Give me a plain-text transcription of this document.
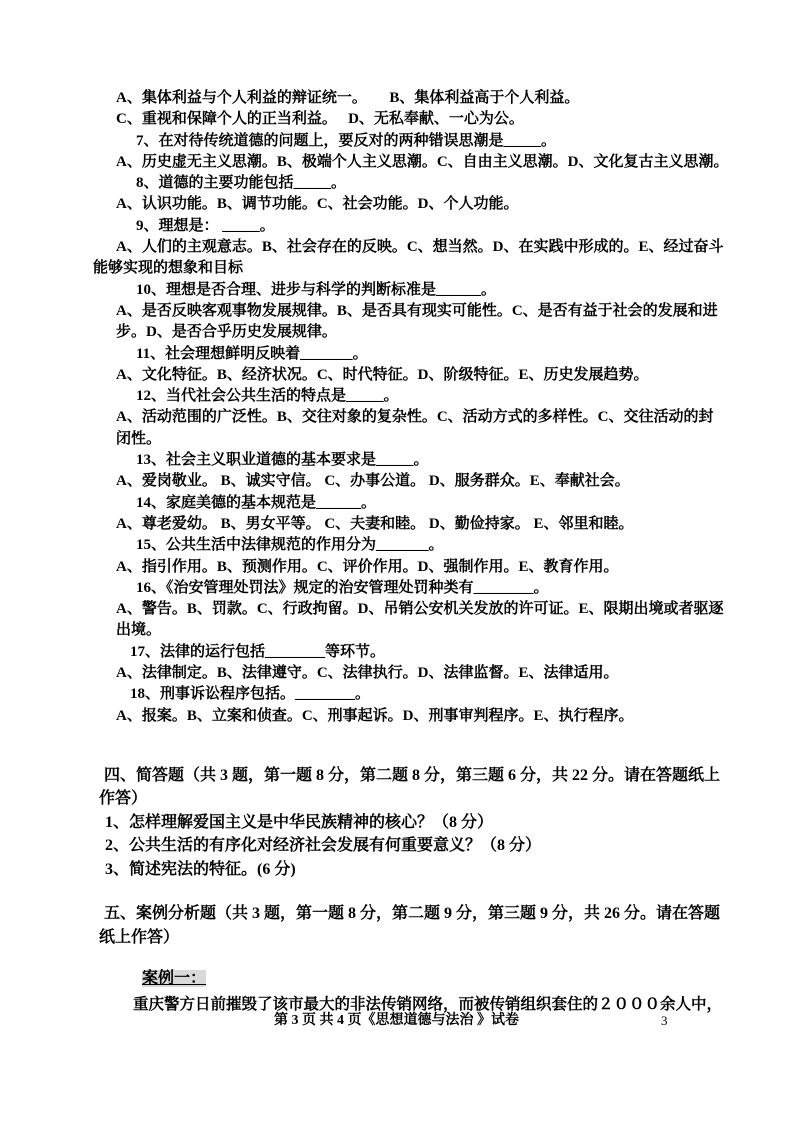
A、集体利益与个人利益的辩证统一。　　B、集体利益高于个人利益。
C、重视和保障个人的正当利益。　 D、无私奉献、一心为公。
7、在对待传统道德的问题上，要反对的两种错误思潮是_____。
A、历史虚无主义思潮。B、极端个人主义思潮。C、自由主义思潮。D、文化复古主义思潮。
8、道德的主要功能包括_____。
A、认识功能。B、调节功能。C、社会功能。D、个人功能。
9、理想是： _____。
A、人们的主观意志。B、社会存在的反映。C、想当然。D、在实践中形成的。E、经过奋斗
能够实现的想象和目标
10、理想是否合理、进步与科学的判断标准是______。
A、是否反映客观事物发展规律。B、是否具有现实可能性。C、是否有益于社会的发展和进
步。D、是否合乎历史发展规律。
11、社会理想鲜明反映着_______。
A、文化特征。B、经济状况。C、时代特征。D、阶级特征。E、历史发展趋势。
12、当代社会公共生活的特点是_____。
A、活动范围的广泛性。B、交往对象的复杂性。C、活动方式的多样性。C、交往活动的封
闭性。
13、社会主义职业道德的基本要求是_____。
A、爱岗敬业。 B、诚实守信。 C、办事公道。 D、服务群众。E、奉献社会。
14、家庭美德的基本规范是______。
A、尊老爱幼。 B、男女平等。 C、夫妻和睦。 D、勤俭持家。 E、邻里和睦。
15、公共生活中法律规范的作用分为_______。
A、指引作用。B、预测作用。C、评价作用。D、强制作用。E、教育作用。
16、《治安管理处罚法》规定的治安管理处罚种类有________。
A、警告。B、罚款。C、行政拘留。D、吊销公安机关发放的许可证。E、限期出境或者驱逐
出境。
17、法律的运行包括________等环节。
A、法律制定。B、法律遵守。C、法律执行。D、法律监督。E、法律适用。
18、刑事诉讼程序包括。________。
A、报案。B、立案和侦查。C、刑事起诉。D、刑事审判程序。E、执行程序。
四、简答题（共 3 题，第一题 8 分，第二题 8 分，第三题 6 分，共 22 分。请在答题纸上
作答）
1、怎样理解爱国主义是中华民族精神的核心？（8 分）
2、公共生活的有序化对经济社会发展有何重要意义？（8 分）
3、简述宪法的特征。(6 分)
五、案例分析题（共 3 题，第一题 8 分，第二题 9 分，第三题 9 分，共 26 分。请在答题
纸上作答）
案例一：
重庆警方日前摧毁了该市最大的非法传销网络，而被传销组织套住的２０００余人中，
第 3 页 共 4 页《思想道德与法治 》试卷	3
